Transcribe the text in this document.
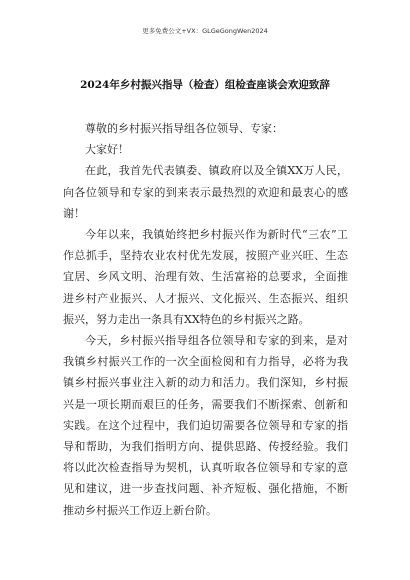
更多免费公文+VX：GLGeGongWen2024
2024年乡村振兴指导（检查）组检查座谈会欢迎致辞

尊敬的乡村振兴指导组各位领导、专家：

大家好！

在此，我首先代表镇委、镇政府以及全镇XX万人民，向各位领导和专家的到来表示最热烈的欢迎和最衷心的感谢！

今年以来，我镇始终把乡村振兴作为新时代“三农”工作总抓手，坚持农业农村优先发展，按照产业兴旺、生态宜居、乡风文明、治理有效、生活富裕的总要求，全面推进乡村产业振兴、人才振兴、文化振兴、生态振兴、组织振兴，努力走出一条具有XX特色的乡村振兴之路。

今天，乡村振兴指导组各位领导和专家的到来，是对我镇乡村振兴工作的一次全面检阅和有力指导，必将为我镇乡村振兴事业注入新的动力和活力。我们深知，乡村振兴是一项长期而艰巨的任务，需要我们不断探索、创新和实践。在这个过程中，我们迫切需要各位领导和专家的指导和帮助，为我们指明方向、提供思路、传授经验。我们将以此次检查指导为契机，认真听取各位领导和专家的意见和建议，进一步查找问题、补齐短板、强化措施，不断推动乡村振兴工作迈上新台阶。
